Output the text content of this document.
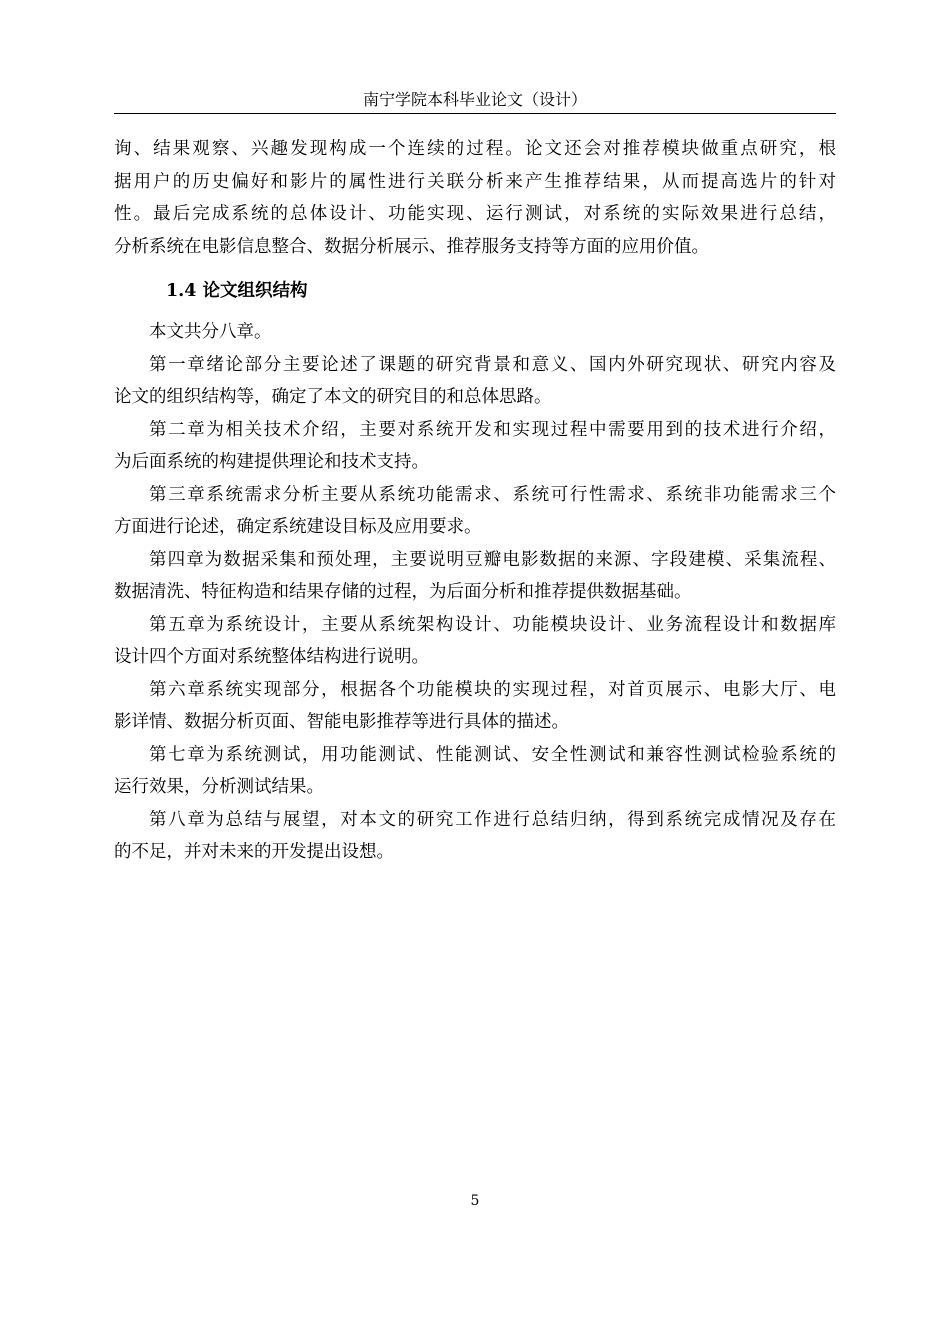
南宁学院本科毕业论文（设计）
询、结果观察、兴趣发现构成一个连续的过程。论文还会对推荐模块做重点研究，根
据用户的历史偏好和影片的属性进行关联分析来产生推荐结果，从而提高选片的针对
性。最后完成系统的总体设计、功能实现、运行测试，对系统的实际效果进行总结，
分析系统在电影信息整合、数据分析展示、推荐服务支持等方面的应用价值。
1.4 论文组织结构
本文共分八章。
第一章绪论部分主要论述了课题的研究背景和意义、国内外研究现状、研究内容及
论文的组织结构等，确定了本文的研究目的和总体思路。
第二章为相关技术介绍，主要对系统开发和实现过程中需要用到的技术进行介绍，
为后面系统的构建提供理论和技术支持。
第三章系统需求分析主要从系统功能需求、系统可行性需求、系统非功能需求三个
方面进行论述，确定系统建设目标及应用要求。
第四章为数据采集和预处理，主要说明豆瓣电影数据的来源、字段建模、采集流程、
数据清洗、特征构造和结果存储的过程，为后面分析和推荐提供数据基础。
第五章为系统设计，主要从系统架构设计、功能模块设计、业务流程设计和数据库
设计四个方面对系统整体结构进行说明。
第六章系统实现部分，根据各个功能模块的实现过程，对首页展示、电影大厅、电
影详情、数据分析页面、智能电影推荐等进行具体的描述。
第七章为系统测试，用功能测试、性能测试、安全性测试和兼容性测试检验系统的
运行效果，分析测试结果。
第八章为总结与展望，对本文的研究工作进行总结归纳，得到系统完成情况及存在
的不足，并对未来的开发提出设想。
5
